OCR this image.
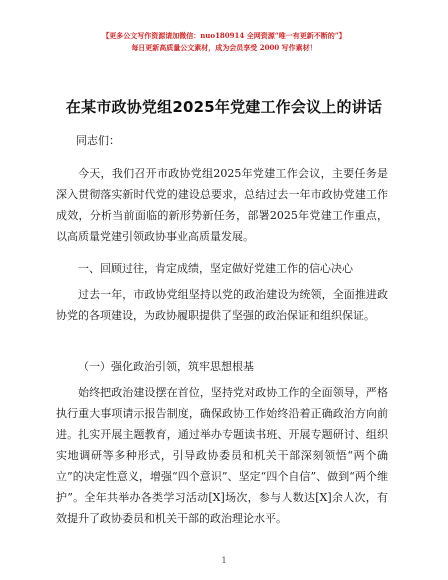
【更多公文写作资源请加微信：nuo180914 全网资源“唯一有更新不断的”】
每日更新高质量公文素材，成为会员享受 2000 写作素材！
在某市政协党组2025年党建工作会议上的讲话
同志们：

今天，我们召开市政协党组2025年党建工作会议，主要任务是深入贯彻落实新时代党的建设总要求，总结过去一年市政协党建工作成效，分析当前面临的新形势新任务，部署2025年党建工作重点，以高质量党建引领政协事业高质量发展。

一、回顾过往，肯定成绩，坚定做好党建工作的信心决心

过去一年，市政协党组坚持以党的政治建设为统领，全面推进政协党的各项建设，为政协履职提供了坚强的政治保证和组织保证。

（一）强化政治引领，筑牢思想根基

始终把政治建设摆在首位，坚持党对政协工作的全面领导，严格执行重大事项请示报告制度，确保政协工作始终沿着正确政治方向前进。扎实开展主题教育，通过举办专题读书班、开展专题研讨、组织实地调研等多种形式，引导政协委员和机关干部深刻领悟“两个确立”的决定性意义，增强“四个意识”、坚定“四个自信”、做到“两个维护”。全年共举办各类学习活动[X]场次，参与人数达[X]余人次，有效提升了政协委员和机关干部的政治理论水平。

1
